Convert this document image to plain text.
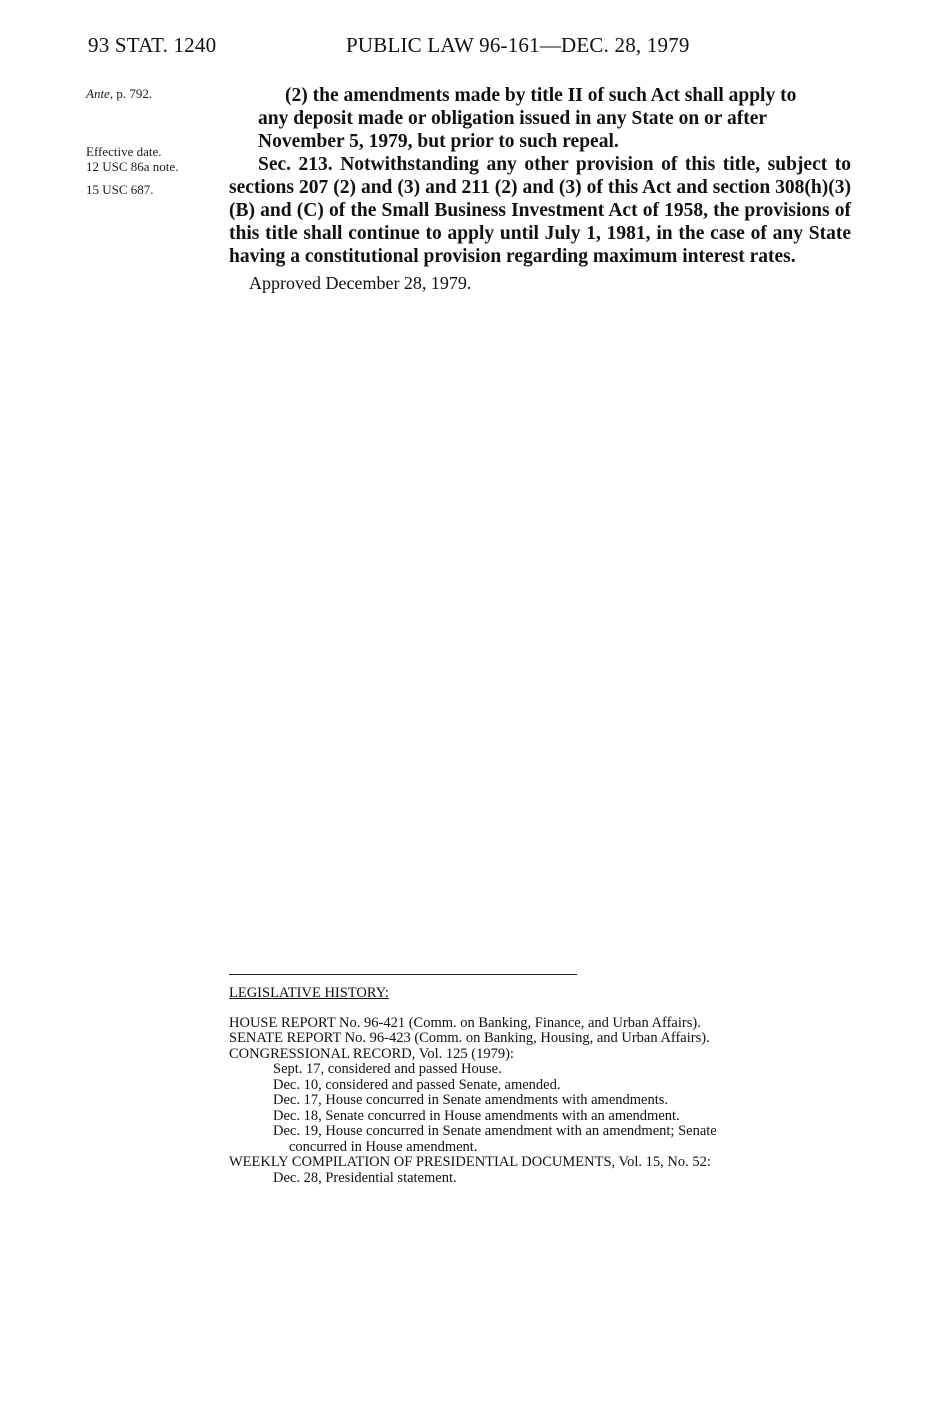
93 STAT. 1240	PUBLIC LAW 96-161—DEC. 28, 1979
Ante, p. 792.
Effective date.
12 USC 86a note.
15 USC 687.

(2) the amendments made by title II of such Act shall apply to

any deposit made or obligation issued in any State on or after
November 5, 1979, but prior to such repeal.

Sec. 213. Notwithstanding any other provision of this title, subject to sections 207 (2) and (3) and 211 (2) and (3) of this Act and section 308(h)(3) (B) and (C) of the Small Business Investment Act of 1958, the provisions of this title shall continue to apply until July 1, 1981, in the case of any State having a constitutional provision regarding maximum interest rates.

Approved December 28, 1979.
LEGISLATIVE HISTORY:
HOUSE REPORT No. 96-421 (Comm. on Banking, Finance, and Urban Affairs).
SENATE REPORT No. 96-423 (Comm. on Banking, Housing, and Urban Affairs).
CONGRESSIONAL RECORD, Vol. 125 (1979):
Sept. 17, considered and passed House.
Dec. 10, considered and passed Senate, amended.
Dec. 17, House concurred in Senate amendments with amendments.
Dec. 18, Senate concurred in House amendments with an amendment.
Dec. 19, House concurred in Senate amendment with an amendment; Senate
concurred in House amendment.
WEEKLY COMPILATION OF PRESIDENTIAL DOCUMENTS, Vol. 15, No. 52:
Dec. 28, Presidential statement.
